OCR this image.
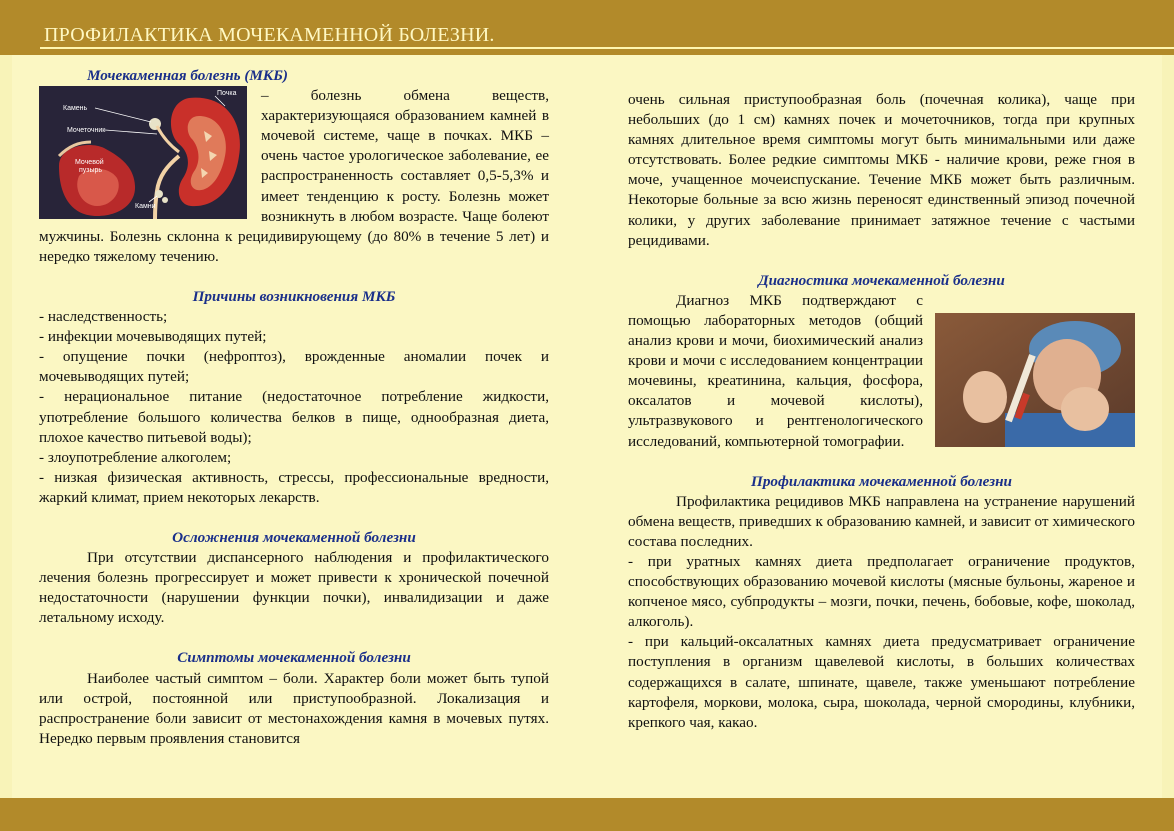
ПРОФИЛАКТИКА МОЧЕКАМЕННОЙ БОЛЕЗНИ.

Мочекаменная болезнь (МКБ)

Почка
Камень
Мочеточник
Мочевой
пузырь
Камни

– болезнь обмена веществ, характеризующаяся образованием камней в мочевой системе, чаще в почках. МКБ – очень частое урологическое заболевание, ее распространенность составляет 0,5-5,3% и имеет тенденцию к росту. Болезнь может возникнуть в любом возрасте. Чаще болеют мужчины. Болезнь склонна к рецидивирующему (до 80% в течение 5 лет) и нередко тяжелому течению.

Причины возникновения МКБ

- наследственность;

- инфекции мочевыводящих путей;

- опущение почки (нефроптоз), врожденные аномалии почек и мочевыводящих путей;

- нерациональное питание (недостаточное потребление жидкости, употребление большого количества белков в пище, однообразная диета, плохое качество питьевой воды);

- злоупотребление алкоголем;

- низкая физическая активность, стрессы, профессиональные вредности, жаркий климат, прием некоторых лекарств.

Осложнения мочекаменной болезни

При отсутствии диспансерного наблюдения и профилактического лечения болезнь прогрессирует и может привести к хронической почечной недостаточности (нарушении функции почки), инвалидизации и даже летальному исходу.

Симптомы мочекаменной болезни

Наиболее частый симптом – боли. Характер боли может быть тупой или острой, постоянной или приступообразной. Локализация и распространение боли зависит от местонахождения камня в мочевых путях. Нередко первым проявления становится

очень сильная приступообразная боль (почечная колика), чаще при небольших (до 1 см) камнях почек и мочеточников, тогда при крупных камнях длительное время симптомы могут быть минимальными или даже отсутствовать. Более редкие симптомы МКБ - наличие крови, реже гноя в моче, учащенное мочеиспускание. Течение МКБ может быть различным. Некоторые больные за всю жизнь переносят единственный эпизод почечной колики, у других заболевание принимает затяжное течение с частыми рецидивами.

Диагностика мочекаменной болезни

Диагноз МКБ подтверждают с помощью лабораторных методов (общий анализ крови и мочи, биохимический анализ крови и мочи с исследованием концентрации мочевины, креатинина, кальция, фосфора, оксалатов и мочевой кислоты), ультразвукового и рентгенологического исследований, компьютерной томографии.

Профилактика мочекаменной болезни

Профилактика рецидивов МКБ направлена на устранение нарушений обмена веществ, приведших к образованию камней, и зависит от химического состава последних.

- при уратных камнях диета предполагает ограничение продуктов, способствующих образованию мочевой кислоты (мясные бульоны, жареное и копченое мясо, субпродукты – мозги, почки, печень, бобовые, кофе, шоколад, алкоголь).

- при кальций-оксалатных камнях диета предусматривает ограничение поступления в организм щавелевой кислоты, в больших количествах содержащихся в салате, шпинате, щавеле, также уменьшают потребление картофеля, моркови, молока, сыра, шоколада, черной смородины, клубники, крепкого чая, какао.
